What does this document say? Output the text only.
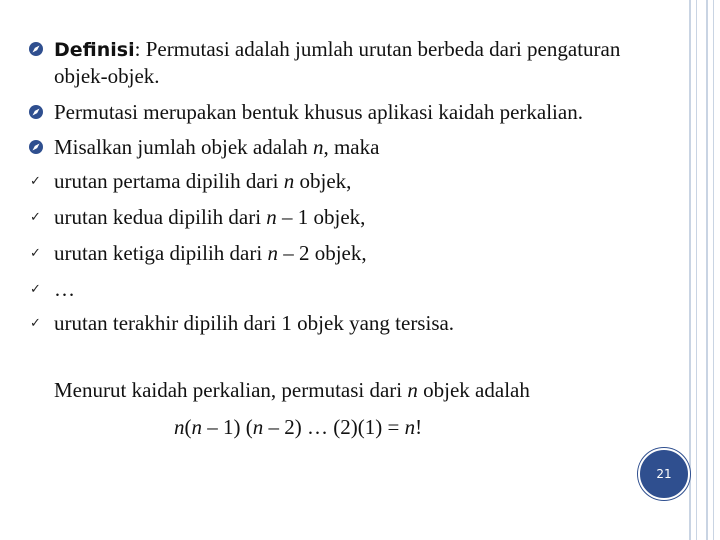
Definisi: Permutasi adalah jumlah urutan berbeda dari pengaturan
objek-objek.
Permutasi merupakan bentuk khusus aplikasi kaidah perkalian.
Misalkan jumlah objek adalah n, maka
✓ urutan pertama dipilih dari n objek,
✓ urutan kedua dipilih dari n – 1 objek,
✓ urutan ketiga dipilih dari n – 2 objek,
✓ …
✓ urutan terakhir dipilih dari 1 objek yang tersisa.
Menurut kaidah perkalian, permutasi dari n objek adalah
n(n – 1) (n – 2) … (2)(1) = n!
21
